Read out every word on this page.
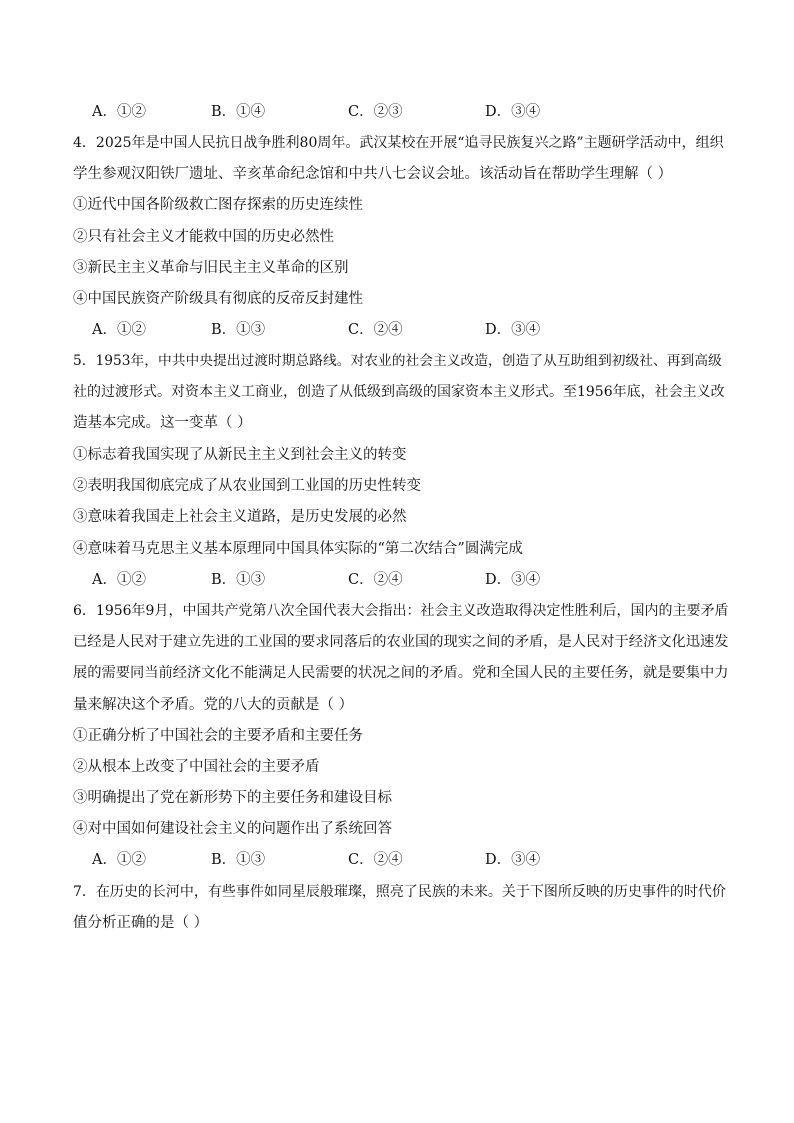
A．①②	B．①④	C．②③	D．③④
4．2025年是中国人民抗日战争胜利80周年。武汉某校在开展“追寻民族复兴之路”主题研学活动中，组织
学生参观汉阳铁厂遗址、辛亥革命纪念馆和中共八七会议会址。该活动旨在帮助学生理解（ ）
①近代中国各阶级救亡图存探索的历史连续性
②只有社会主义才能救中国的历史必然性
③新民主主义革命与旧民主主义革命的区别
④中国民族资产阶级具有彻底的反帝反封建性
A．①②	B．①③	C．②④	D．③④
5．1953年，中共中央提出过渡时期总路线。对农业的社会主义改造，创造了从互助组到初级社、再到高级
社的过渡形式。对资本主义工商业，创造了从低级到高级的国家资本主义形式。至1956年底，社会主义改
造基本完成。这一变革（ ）
①标志着我国实现了从新民主主义到社会主义的转变
②表明我国彻底完成了从农业国到工业国的历史性转变
③意味着我国走上社会主义道路，是历史发展的必然
④意味着马克思主义基本原理同中国具体实际的“第二次结合”圆满完成
A．①②	B．①③	C．②④	D．③④
6．1956年9月，中国共产党第八次全国代表大会指出：社会主义改造取得决定性胜利后，国内的主要矛盾
已经是人民对于建立先进的工业国的要求同落后的农业国的现实之间的矛盾，是人民对于经济文化迅速发
展的需要同当前经济文化不能满足人民需要的状况之间的矛盾。党和全国人民的主要任务，就是要集中力
量来解决这个矛盾。党的八大的贡献是（ ）
①正确分析了中国社会的主要矛盾和主要任务
②从根本上改变了中国社会的主要矛盾
③明确提出了党在新形势下的主要任务和建设目标
④对中国如何建设社会主义的问题作出了系统回答
A．①②	B．①③	C．②④	D．③④
7．在历史的长河中，有些事件如同星辰般璀璨，照亮了民族的未来。关于下图所反映的历史事件的时代价
值分析正确的是（ ）
